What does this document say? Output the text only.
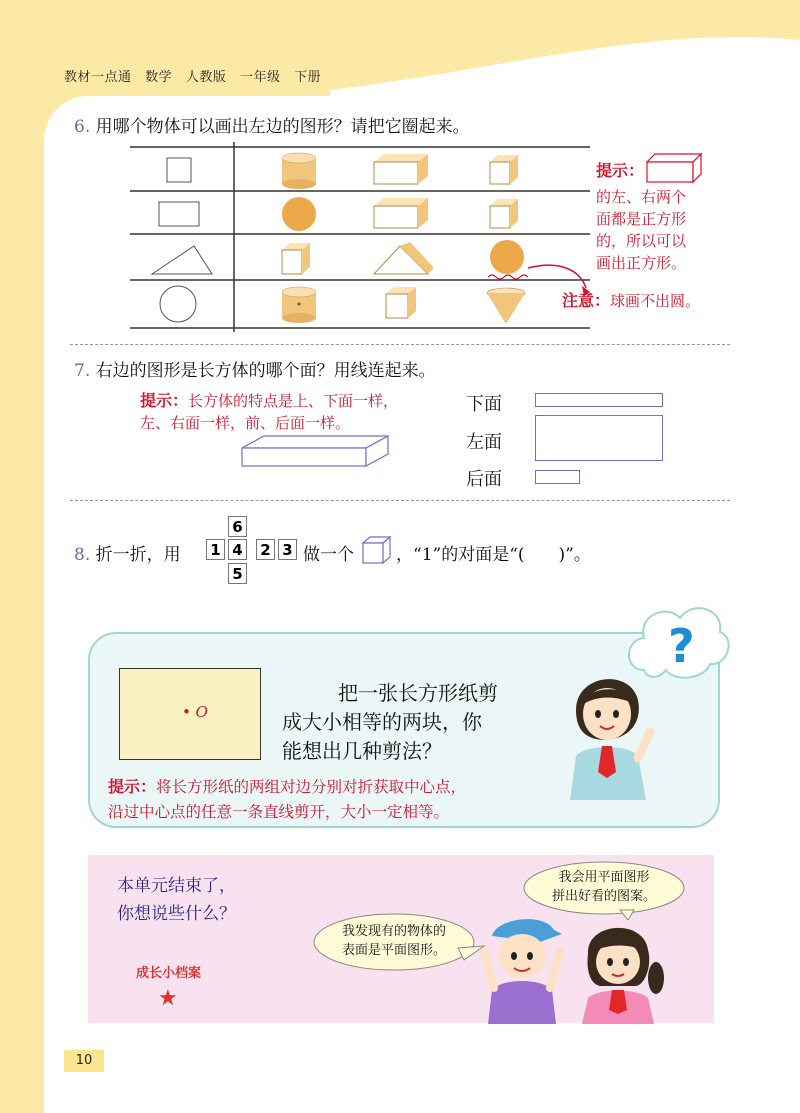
教材一点通 数学 人教版 一年级 下册
6. 用哪个物体可以画出左边的图形？请把它圈起来。
提示：
的左、右两个
面都是正方形
的，所以可以
画出正方形。
注意：球画不出圆。
7. 右边的图形是长方体的哪个面？用线连起来。
提示：长方体的特点是上、下面一样，
左、右面一样，前、后面一样。
下面
左面
后面
8. 折一折，用
6
1 4 2 3
5
做一个 ，“1”的对面是“(　　)”。
?
• O
把一张长方形纸剪
成大小相等的两块，你
能想出几种剪法？
提示：将长方形纸的两组对边分别对折获取中心点，
沿过中心点的任意一条直线剪开，大小一定相等。
本单元结束了，
你想说些什么？
成长小档案
★
我会用平面图形
拼出好看的图案。
我发现有的物体的
表面是平面图形。
10
